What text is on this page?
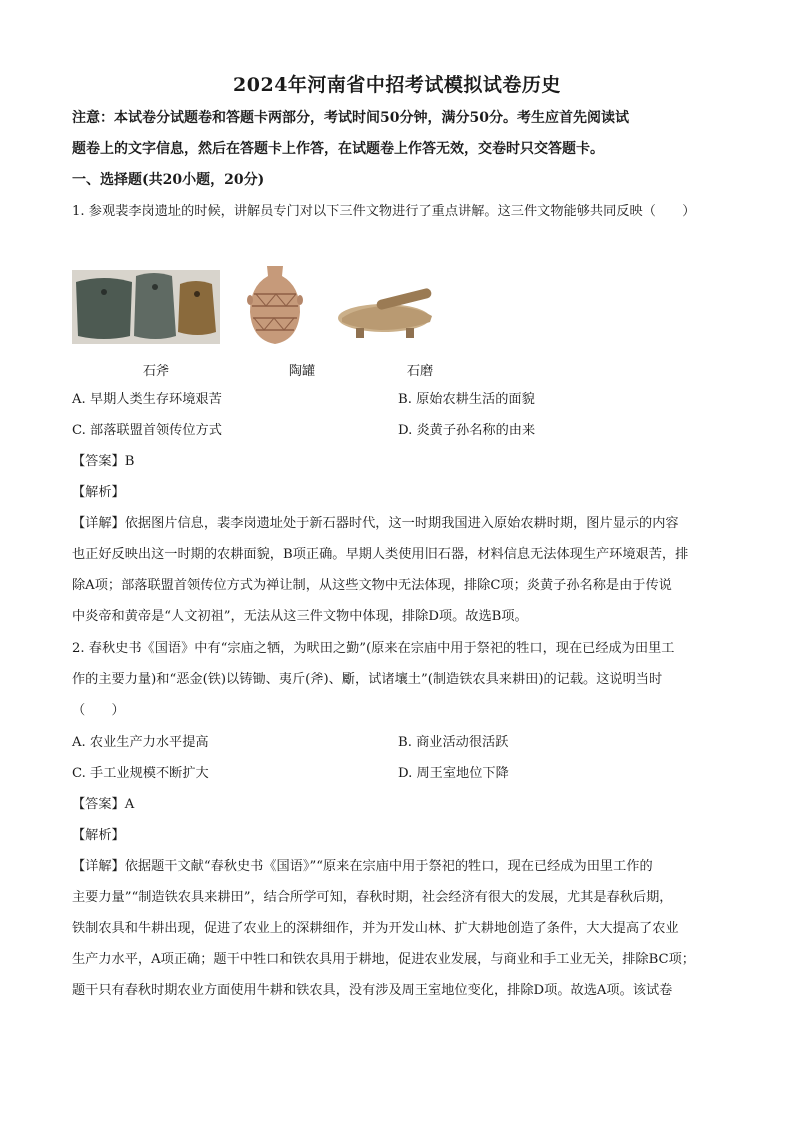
2024年河南省中招考试模拟试卷历史
注意：本试卷分试题卷和答题卡两部分，考试时间50分钟，满分50分。考生应首先阅读试
题卷上的文字信息，然后在答题卡上作答，在试题卷上作答无效，交卷时只交答题卡。
一、选择题(共20小题，20分)
1. 参观裴李岗遗址的时候，讲解员专门对以下三件文物进行了重点讲解。这三件文物能够共同反映（　　）
石斧	陶罐	石磨
A. 早期人类生存环境艰苦	B. 原始农耕生活的面貌
C. 部落联盟首领传位方式	D. 炎黄子孙名称的由来
【答案】B
【解析】
【详解】依据图片信息，裴李岗遗址处于新石器时代，这一时期我国进入原始农耕时期，图片显示的内容
也正好反映出这一时期的农耕面貌，B项正确。早期人类使用旧石器，材料信息无法体现生产环境艰苦，排
除A项；部落联盟首领传位方式为禅让制，从这些文物中无法体现，排除C项；炎黄子孙名称是由于传说
中炎帝和黄帝是“人文初祖”，无法从这三件文物中体现，排除D项。故选B项。
2. 春秋史书《国语》中有“宗庙之牺，为畎田之勤”(原来在宗庙中用于祭祀的牲口，现在已经成为田里工
作的主要力量)和“恶金(铁)以铸锄、夷斤(斧)、斸，试诸壤土”(制造铁农具来耕田)的记载。这说明当时
（　　）
A. 农业生产力水平提高	B. 商业活动很活跃
C. 手工业规模不断扩大	D. 周王室地位下降
【答案】A
【解析】
【详解】依据题干文献“春秋史书《国语》”“原来在宗庙中用于祭祀的牲口，现在已经成为田里工作的
主要力量”“制造铁农具来耕田”，结合所学可知，春秋时期，社会经济有很大的发展，尤其是春秋后期，
铁制农具和牛耕出现，促进了农业上的深耕细作，并为开发山林、扩大耕地创造了条件，大大提高了农业
生产力水平，A项正确；题干中牲口和铁农具用于耕地，促进农业发展，与商业和手工业无关，排除BC项；
题干只有春秋时期农业方面使用牛耕和铁农具，没有涉及周王室地位变化，排除D项。故选A项。该试卷
